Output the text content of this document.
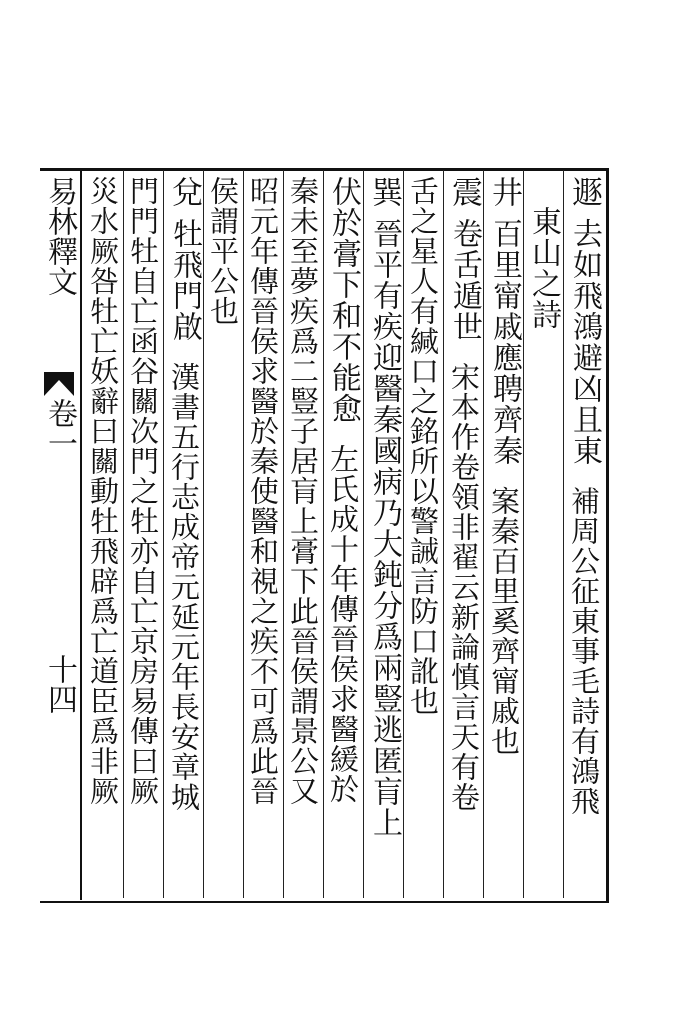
易林釋文
卷一
十四
遯去如飛鴻避凶且東補周公征東事毛詩有鴻飛
東山之詩
井百里甯戚應聘齊秦案秦百里奚齊甯戚也
震卷舌遁世宋本作卷領非翟云新論慎言天有卷
舌之星人有緘口之銘所以警誡言防口訛也
巽晉平有疾迎醫秦國病乃大鈍分爲兩豎逃匿肓上
伏於膏下和不能愈左氏成十年傳晉侯求醫緩於
秦未至夢疾爲二豎子居肓上膏下此晉侯謂景公又
昭元年傳晉侯求醫於秦使醫和視之疾不可爲此晉
侯謂平公也
兌牡飛門啟漢書五行志成帝元延元年長安章城
門門牡自亡函谷關次門之牡亦自亡京房易傳曰厥
災水厥咎牡亡妖辭曰關動牡飛辟爲亡道臣爲非厥
